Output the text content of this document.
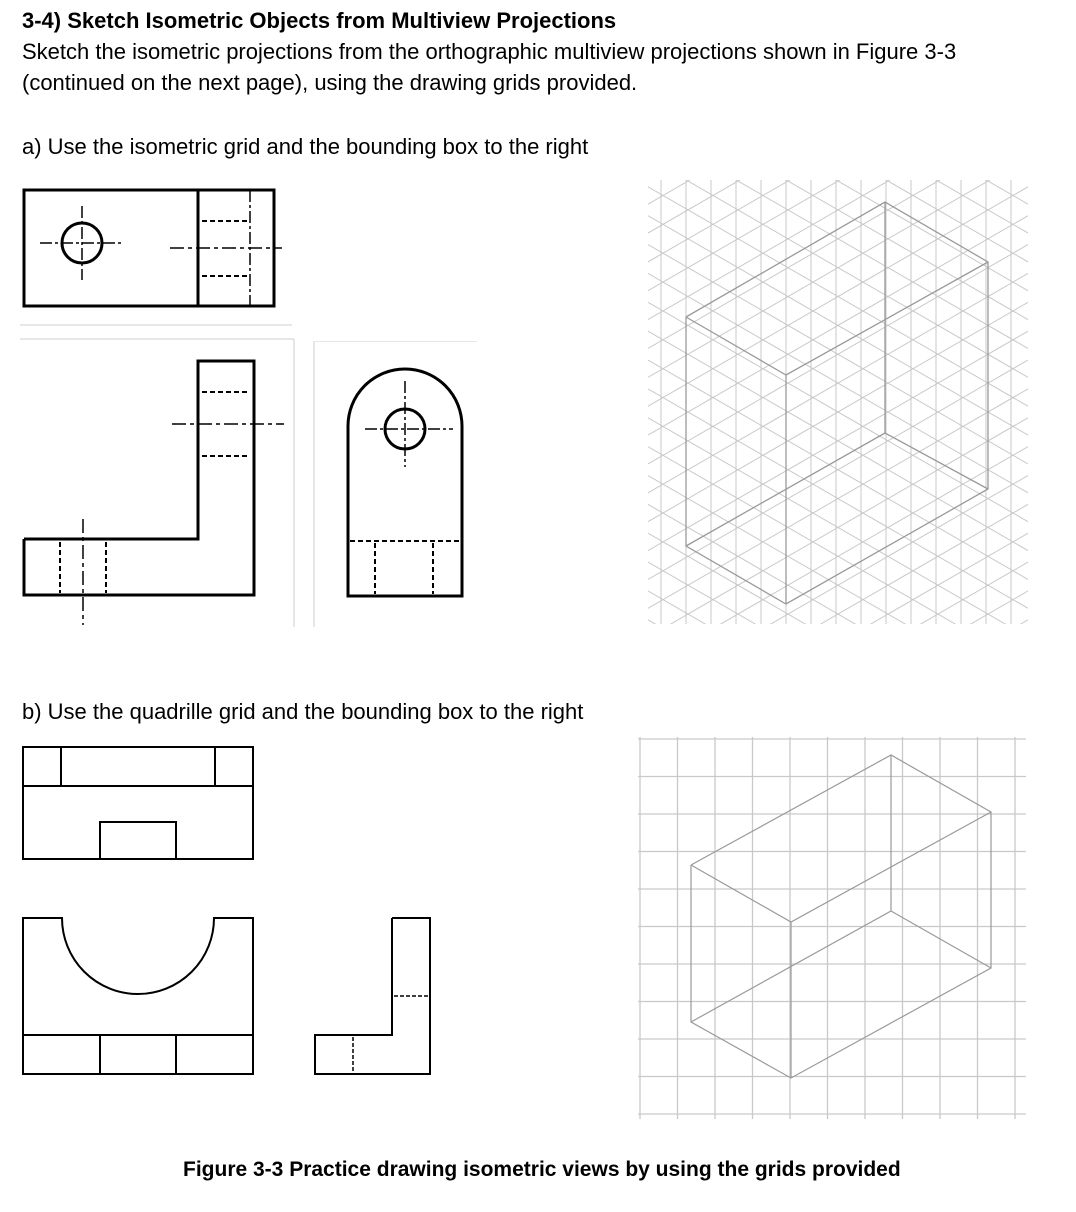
3-4) Sketch Isometric Objects from Multiview Projections
Sketch the isometric projections from the orthographic multiview projections shown in Figure 3-3
(continued on the next page), using the drawing grids provided.
a) Use the isometric grid and the bounding box to the right
b) Use the quadrille grid and the bounding box to the right
Figure 3-3 Practice drawing isometric views by using the grids provided
